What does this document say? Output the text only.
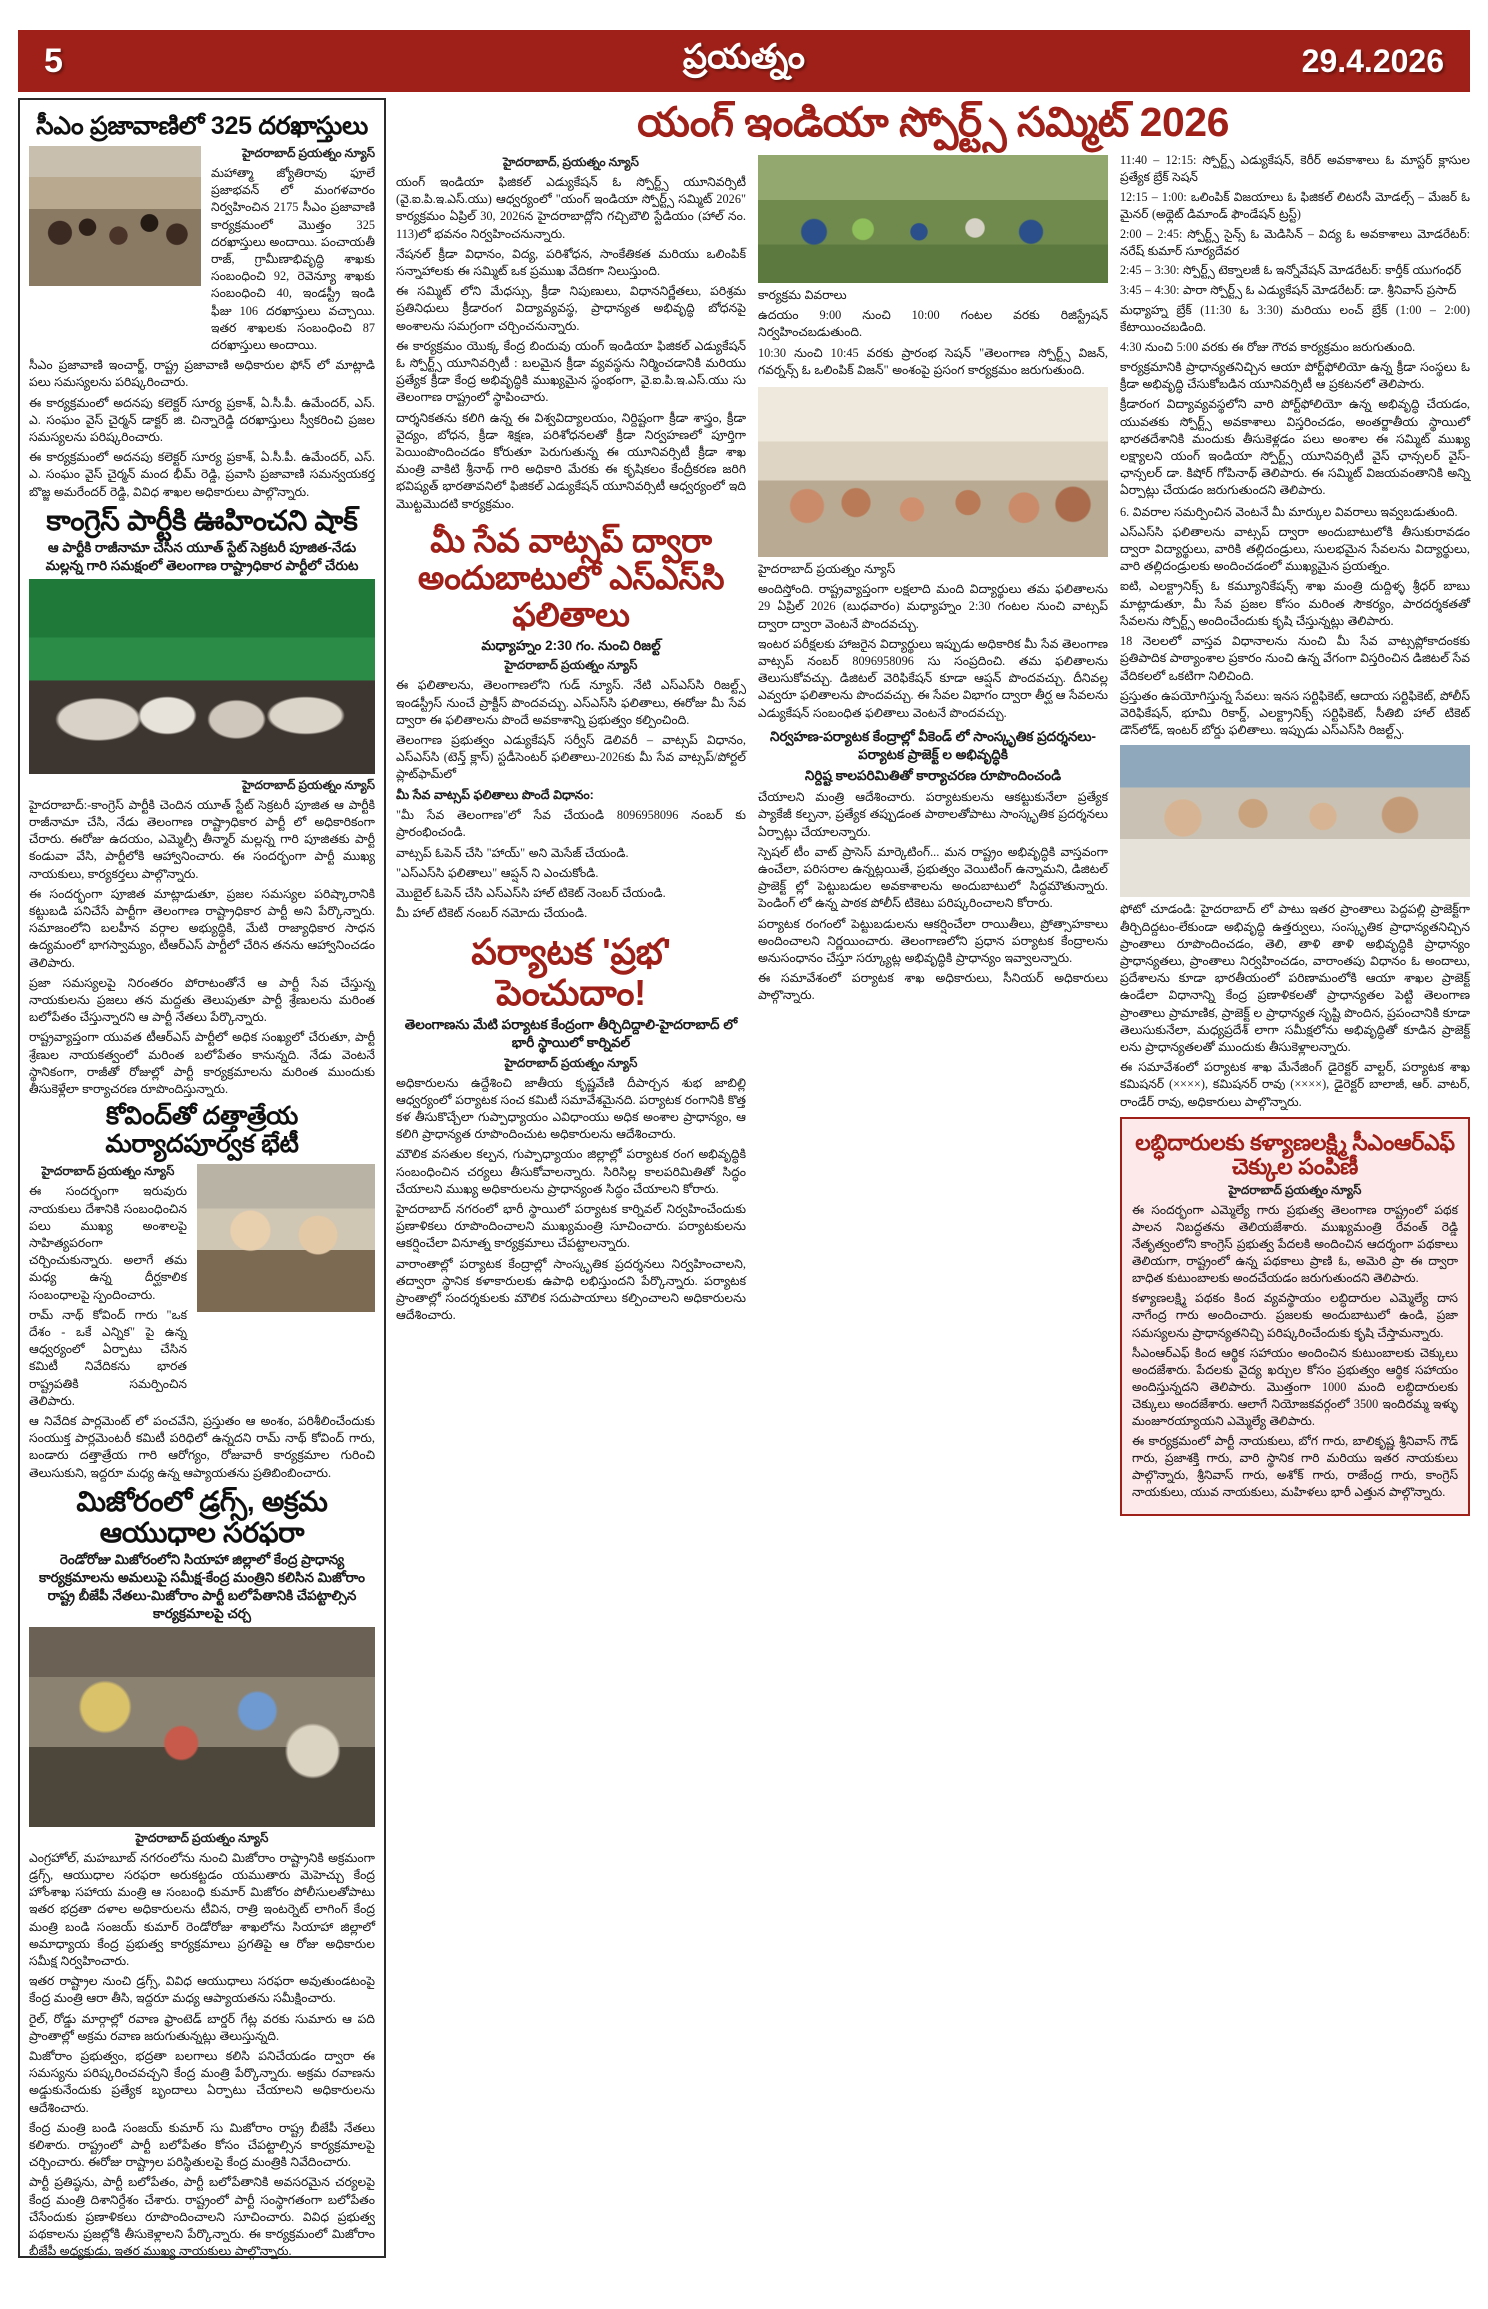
5	ప్రయత్నం	29.4.2026
సీఎం ప్రజావాణిలో 325 దరఖాస్తులు
హైదరాబాద్ ప్రయత్నం న్యూస్

మహాత్మా జ్యోతిరావు ఫూలే ప్రజాభవన్ లో మంగళవారం నిర్వహించిన 2175 సీఎం ప్రజావాణి కార్యక్రమంలో మొత్తం 325 దరఖాస్తులు అందాయి. పంచాయతీ రాజ్, గ్రామీణాభివృద్ధి శాఖకు సంబంధించి 92, రెవెన్యూ శాఖకు సంబంధించి 40, ఇండస్ట్రీ ఇండి ఫీజు 106 దరఖాస్తులు వచ్చాయి. ఇతర శాఖలకు సంబంధించి 87 దరఖాస్తులు అందాయి.

సీఎం ప్రజావాణి ఇంచార్జ్, రాష్ట్ర ప్రజావాణి అధికారుల ఫోన్ లో మాట్లాడి పలు సమస్యలను పరిష్కరించారు.

ఈ కార్యక్రమంలో అదనపు కలెక్టర్ సూర్య ప్రకాశ్, ఏ.సీ.పీ. ఉమేందర్, ఎస్. ఎ. సంఘం వైస్ చైర్మన్ డాక్టర్ జి. చిన్నారెడ్డి దరఖాస్తులు స్వీకరించి ప్రజల సమస్యలను పరిష్కరించారు.

ఈ కార్యక్రమంలో అదనపు కలెక్టర్ సూర్య ప్రకాశ్, ఏ.సీ.పీ. ఉమేందర్, ఎస్. ఎ. సంఘం వైస్ చైర్మన్ మంద భీమ్ రెడ్డి, ప్రవాసి ప్రజావాణి సమన్వయకర్త బొజ్జ అమరేందర్ రెడ్డి, వివిధ శాఖల అధికారులు పాల్గొన్నారు.

కాంగ్రెస్ పార్టీకి ఊహించని షాక్
ఆ పార్టీకి రాజీనామా చేసిన యూత్ స్టేట్ సెక్రటరీ పూజిత-నేడు మల్లన్న గారి సమక్షంలో తెలంగాణ రాష్ట్రాధికార పార్టీలో చేరుట
హైదరాబాద్ ప్రయత్నం న్యూస్

హైదరాబాద్:-కాంగ్రెస్ పార్టీకి చెందిన యూత్ స్టేట్ సెక్రటరీ పూజిత ఆ పార్టీకి రాజీనామా చేసి, నేడు తెలంగాణ రాష్ట్రాధికార పార్టీ లో అధికారికంగా చేరారు. ఈరోజు ఉదయం, ఎమ్మెల్సీ తీన్మార్ మల్లన్న గారి పూజితకు పార్టీ కండువా వేసి, పార్టీలోకి ఆహ్వానించారు. ఈ సందర్భంగా పార్టీ ముఖ్య నాయకులు, కార్యకర్తలు పాల్గొన్నారు.

ఈ సందర్భంగా పూజిత మాట్లాడుతూ, ప్రజల సమస్యల పరిష్కారానికి కట్టుబడి పనిచేసే పార్టీగా తెలంగాణ రాష్ట్రాధికార పార్టీ అని పేర్కొన్నారు. సమాజంలోని బలహీన వర్గాల అభ్యుద్ధికి, మేటి రాజ్యాధికార సాధన ఉద్యమంలో భాగస్వామ్యం, టీఆర్ఎస్ పార్టీలో చేరిన తనను ఆహ్వానించడం తెలిపారు.

ప్రజా సమస్యలపై నిరంతరం పోరాటంతోనే ఆ పార్టీ సేవ చేస్తున్న నాయకులను ప్రజలు తన మద్దతు తెలుపుతూ పార్టీ శ్రేణులను మరింత బలోపేతం చేస్తున్నారని ఆ పార్టీ నేతలు పేర్కొన్నారు.

రాష్ట్రవ్యాప్తంగా యువత టీఆర్ఎస్ పార్టీలో అధిక సంఖ్యలో చేరుతూ, పార్టీ శ్రేణుల నాయకత్వంలో మరింత బలోపేతం కానున్నది. నేడు వెంటనే స్థానికంగా, రాజీతో రోజుల్లో పార్టీ కార్యక్రమాలను మరింత ముందుకు తీసుకెళ్లేలా కార్యాచరణ రూపొందిస్తున్నారు.

కోవింద్‌తో దత్తాత్రేయ మర్యాదపూర్వక భేటీ
హైదరాబాద్ ప్రయత్నం న్యూస్

ఈ సందర్భంగా ఇరువురు నాయకులు దేశానికి సంబంధించిన పలు ముఖ్య అంశాలపై సాహిత్యపరంగా చర్చించుకున్నారు. అలాగే తమ మధ్య ఉన్న దీర్ఘకాలిక సంబంధాలపై స్పందించారు.

రామ్ నాథ్ కోవింద్ గారు "ఒక దేశం - ఒకే ఎన్నిక" పై ఉన్న ఆధ్వర్యంలో ఏర్పాటు చేసిన కమిటీ నివేదికను భారత రాష్ట్రపతికి సమర్పించిన తెలిపారు.

ఆ నివేదిక పార్లమెంట్ లో పంచవేని, ప్రస్తుతం ఆ అంశం, పరిశీలించేందుకు సంయుక్త పార్లమెంటరీ కమిటీ పరిధిలో ఉన్నదని రామ్ నాథ్ కోవింద్ గారు, బండారు దత్తాత్రేయ గారి ఆరోగ్యం, రోజువారీ కార్యక్రమాల గురించి తెలుసుకుని, ఇద్దరూ మధ్య ఉన్న ఆప్యాయతను ప్రతిబింబించారు.

మిజోరంలో డ్రగ్స్, అక్రమ ఆయుధాల సరఫరా
రెండోరోజు మిజోరంలోని సియాహా జిల్లాలో కేంద్ర ప్రాధాన్య కార్యక్రమాలను అమలుపై సమీక్ష-కేంద్ర మంత్రిని కలిసిన మిజోరాం రాష్ట్ర బీజేపీ నేతలు-మిజోరాం పార్టీ బలోపేతానికి చేపట్టాల్సిన కార్యక్రమాలపై చర్చ
హైదరాబాద్ ప్రయత్నం న్యూస్

ఎంగ్రహోల్, మహబూబ్ నగరంలోను నుంచి మిజోరాం రాష్ట్రానికి అక్రమంగా డ్రగ్స్, ఆయుధాల సరఫరా అరుకట్టడం యముతారు మెహెచ్చు కేంద్ర హోంశాఖ సహాయ మంత్రి ఆ సంబంధి కుమార్ మిజోరం పోలీసులతోపాటు ఇతర భద్రతా దళాల అధికారులను టీవిన, రాత్రి ఇంటర్నెట్ లాగింగ్ కేంద్ర మంత్రి బండి సంజయ్ కుమార్ రెండోరోజు శాఖలోను సియాహా జిల్లాలో అమాధ్యాయ కేంద్ర ప్రభుత్వ కార్యక్రమాలు ప్రగతిపై ఆ రోజు అధికారుల సమీక్ష నిర్వహించారు.

ఇతర రాష్ట్రాల నుంచి డ్రగ్స్, వివిధ ఆయుధాలు సరఫరా అవుతుండటంపై కేంద్ర మంత్రి ఆరా తీసి, ఇద్దరూ మధ్య ఆప్యాయతను సమీక్షించారు.

రైల్, రోడ్డు మార్గాల్లో రవాణ ఫ్రాంటెడ్ బార్డర్ గేట్ల వరకు సుమారు ఆ పది ప్రాంతాల్లో అక్రమ రవాణ జరుగుతున్నట్లు తెలుస్తున్నది.

మిజోరాం ప్రభుత్వం, భద్రతా బలగాలు కలిసి పనిచేయడం ద్వారా ఈ సమస్యను పరిష్కరించవచ్చని కేంద్ర మంత్రి పేర్కొన్నారు. అక్రమ రవాణను అడ్డుకునేందుకు ప్రత్యేక బృందాలు ఏర్పాటు చేయాలని అధికారులను ఆదేశించారు.

కేంద్ర మంత్రి బండి సంజయ్ కుమార్ సు మిజోరాం రాష్ట్ర బీజేపీ నేతలు కలిశారు. రాష్ట్రంలో పార్టీ బలోపేతం కోసం చేపట్టాల్సిన కార్యక్రమాలపై చర్చించారు. ఈరోజు రాష్ట్రాల పరిస్థితులపై కేంద్ర మంత్రికి నివేదించారు.

పార్టీ ప్రతిష్ఠను, పార్టీ బలోపేతం, పార్టీ బలోపేతానికి అవసరమైన చర్యలపై కేంద్ర మంత్రి దిశానిర్దేశం చేశారు. రాష్ట్రంలో పార్టీ సంస్థాగతంగా బలోపేతం చేసేందుకు ప్రణాళికలు రూపొందించాలని సూచించారు. వివిధ ప్రభుత్వ పథకాలను ప్రజల్లోకి తీసుకెళ్లాలని పేర్కొన్నారు. ఈ కార్యక్రమంలో మిజోరాం బీజేపీ అధ్యక్షుడు, ఇతర ముఖ్య నాయకులు పాల్గొన్నారు.

యంగ్ ఇండియా స్పోర్ట్స్ సమ్మిట్ 2026
హైదరాబాద్, ప్రయత్నం న్యూస్

యంగ్ ఇండియా ఫిజికల్ ఎడ్యుకేషన్ ఓ స్పోర్ట్స్ యూనివర్సిటీ (వై.ఐ.పి.ఇ.ఎస్.యు) ఆధ్వర్యంలో "యంగ్ ఇండియా స్పోర్ట్స్ సమ్మిట్ 2026" కార్యక్రమం ఏప్రిల్ 30, 2026న హైదరాబాద్లోని గచ్చిబౌలి స్టేడియం (హాల్ నం. 113)లో భవనం నిర్వహించనున్నారు.

నేషనల్ క్రీడా విధానం, విద్య, పరిశోధన, సాంకేతికత మరియు ఒలింపిక్ సన్నాహాలకు ఈ సమ్మిట్ ఒక ప్రముఖ వేదికగా నిలుస్తుంది.

ఈ సమ్మిట్ లోని మేధస్సు, క్రీడా నిపుణులు, విధాననిర్ణేతలు, పరిశ్రమ ప్రతినిధులు క్రీడారంగ విద్యావ్యవస్థ, ప్రాధాన్యత అభివృద్ధి బోధనపై అంశాలను సమగ్రంగా చర్చించనున్నారు.

ఈ కార్యక్రమం యొక్క కేంద్ర బిందువు యంగ్ ఇండియా ఫిజికల్ ఎడ్యుకేషన్ ఓ స్పోర్ట్స్ యూనివర్సిటీ : బలమైన క్రీడా వ్యవస్థను నిర్మించడానికి మరియు ప్రత్యేక క్రీడా కేంద్ర అభివృద్ధికి ముఖ్యమైన స్థంభంగా, వై.ఐ.పి.ఇ.ఎస్.యు సు తెలంగాణ రాష్ట్రంలో స్థాపించారు.

దార్శనికతను కలిగి ఉన్న ఈ విశ్వవిద్యాలయం, నిర్దిష్టంగా క్రీడా శాస్త్రం, క్రీడా వైద్యం, బోధన, క్రీడా శిక్షణ, పరిశోధనలతో క్రీడా నిర్వహణలో పూర్తిగా పెయింపొందించడం కోరుతూ పెరుగుతున్న ఈ యూనివర్సిటీ క్రీడా శాఖ మంత్రి వాకిటి శ్రీనాథ్ గారి అధికారి మేరకు ఈ కృషికలం కేంద్రీకరణ జరిగి భవిష్యత్ భారతావనిలో ఫిజికల్ ఎడ్యుకేషన్ యూనివర్సిటీ ఆధ్వర్యంలో ఇది మొట్టమొదటి కార్యక్రమం.

మీ సేవ వాట్సప్ ద్వారా అందుబాటులో ఎస్‌ఎస్‌సి ఫలితాలు
మధ్యాహ్నం 2:30 గం. నుంచి రిజల్ట్
హైదరాబాద్ ప్రయత్నం న్యూస్

ఈ ఫలితాలను, తెలంగాణలోని గుడ్ న్యూస్. నేటి ఎస్‌ఎస్‌సి రిజల్ట్స్ ఇండస్ట్రీస్ నుంచే ప్రాక్టీస్ పొందవచ్చు. ఎస్‌ఎస్‌సి ఫలితాలు, ఈరోజు మీ సేవ ద్వారా ఈ ఫలితాలను పొందే అవకాశాన్ని ప్రభుత్వం కల్పించింది.

తెలంగాణ ప్రభుత్వం ఎడ్యుకేషన్ సర్వీస్ డెలివరీ – వాట్సప్ విధానం, ఎస్‌ఎస్‌సి (టెన్త్ క్లాస్) స్టడీసెంటర్ ఫలితాలు-2026కు మీ సేవ వాట్సప్/పోర్టల్ ప్లాట్‌ఫామ్‌లో

మీ సేవ వాట్సప్ ఫలితాలు పొందే విధానం:

"మీ సేవ తెలంగాణ"లో సేవ చేయండి 8096958096 నంబర్ కు ప్రారంభించండి.

వాట్సప్ ఓపెన్ చేసి "హాయ్" అని మెసేజ్ చేయండి.

"ఎస్‌ఎస్‌సి ఫలితాలు" ఆప్షన్ ని ఎంచుకోండి.

మొబైల్ ఓపెన్ చేసి ఎస్‌ఎస్‌సి హాల్ టికెట్ నెంబర్ చేయండి.

మీ హాల్ టికెట్ నంబర్ నమోదు చేయండి.

పర్యాటక 'ప్రభ' పెంచుదాం!
తెలంగాణను మేటి పర్యాటక కేంద్రంగా తీర్చిదిద్దాలి-హైదరాబాద్ లో భారీ స్థాయిలో కార్నివల్
హైదరాబాద్ ప్రయత్నం న్యూస్

అధికారులను ఉద్దేశించి జాతీయ కృష్ణవేణి దీపార్చన శుభ జాబిల్లి ఆధ్వర్యంలో పర్యాటక సంచ కమిటీ సమావేశమైనది. పర్యాటక రంగానికి కొత్త కళ తీసుకొచ్చేలా గుప్పాధ్యాయం ఎవిధాంయు అధిక అంశాల ప్రాధాన్యం, ఆ కలిగి ప్రాధాన్యత రూపొందించుట అధికారులను ఆదేశించారు.

మౌలిక వసతుల కల్పన, గుప్పాధ్యాయం జిల్లాల్లో పర్యాటక రంగ అభివృద్ధికి సంబంధించిన చర్యలు తీసుకోవాలన్నారు. సిరిసిల్ల కాలపరిమితితో సిద్ధం చేయాలని ముఖ్య అధికారులను ప్రాధాన్యంత సిద్ధం చేయాలని కోరారు.

హైదరాబాద్ నగరంలో భారీ స్థాయిలో పర్యాటక కార్నివల్ నిర్వహించేందుకు ప్రణాళికలు రూపొందించాలని ముఖ్యమంత్రి సూచించారు. పర్యాటకులను ఆకర్షించేలా వినూత్న కార్యక్రమాలు చేపట్టాలన్నారు.

వారాంతాల్లో పర్యాటక కేంద్రాల్లో సాంస్కృతిక ప్రదర్శనలు నిర్వహించాలని, తద్వారా స్థానిక కళాకారులకు ఉపాధి లభిస్తుందని పేర్కొన్నారు. పర్యాటక ప్రాంతాల్లో సందర్శకులకు మౌలిక సదుపాయాలు కల్పించాలని అధికారులను ఆదేశించారు.

కార్యక్రమ వివరాలు

ఉదయం 9:00 నుంచి 10:00 గంటల వరకు రిజిస్ట్రేషన్ నిర్వహించబడుతుంది.

10:30 నుంచి 10:45 వరకు ప్రారంభ సెషన్ "తెలంగాణ స్పోర్ట్స్ విజన్, గవర్నన్స్ ఓ ఒలింపిక్ విజన్" అంశంపై ప్రసంగ కార్యక్రమం జరుగుతుంది.

హైదరాబాద్ ప్రయత్నం న్యూస్

అందిస్తోంది. రాష్ట్రవ్యాప్తంగా లక్షలాది మంది విద్యార్థులు తమ ఫలితాలను 29 ఏప్రిల్ 2026 (బుధవారం) మధ్యాహ్నం 2:30 గంటల నుంచి వాట్సప్ ద్వారా ద్వారా వెంటనే పొందవచ్చు.

ఇంటర పరీక్షలకు హాజరైన విద్యార్థులు ఇప్పుడు అధికారిక మీ సేవ తెలంగాణ వాట్సప్ నంబర్ 8096958096 సు సంప్రదించి. తమ ఫలితాలను తెలుసుకోవచ్చు. డిజిటల్ వెరిఫికేషన్ కూడా ఆప్షన్ పొందవచ్చు. దీనివల్ల ఎవ్వరూ ఫలితాలను పొందవచ్చు. ఈ సేవల విభాగం ద్వారా తీర్ఘ ఆ సేవలను ఎడ్యుకేషన్ సంబంధిత ఫలితాలు వెంటనే పొందవచ్చు.

నిర్వహణ-పర్యాటక కేంద్రాల్లో వీకెండ్ లో సాంస్కృతిక ప్రదర్శనలు-పర్యాటక ప్రాజెక్ట్ ల అభివృద్ధికి
నిర్దిష్ట కాలపరిమితితో కార్యాచరణ రూపొందించండి

చేయాలని మంత్రి ఆదేశించారు. పర్యాటకులను ఆకట్టుకునేలా ప్రత్యేక ప్యాకేజీ కల్పనా, ప్రత్యేక తప్పుడంత పాఠాలతోపాటు సాంస్కృతిక ప్రదర్శనలు ఏర్పాట్లు చేయాలన్నారు.

స్పెషల్ టీం వాట్ ప్రాసెస్ మార్కెటింగ్... మన రాష్ట్రం అభివృద్ధికి వాస్తవంగా ఉంచేలా, పరిసరాల ఉన్నట్లయితే, ప్రభుత్వం వెయిటింగ్ ఉన్నామని, డిజిటల్ ప్రాజెక్ట్ ల్లో పెట్టుబడుల అవకాశాలను అందుబాటులో సిద్ధమౌతున్నారు. పెండింగ్ లో ఉన్న పాఠక పోలీస్ టికెటు పరిష్కరించాలని కోరారు.

పర్యాటక రంగంలో పెట్టుబడులను ఆకర్షించేలా రాయితీలు, ప్రోత్సాహకాలు అందించాలని నిర్ణయించారు. తెలంగాణలోని ప్రధాన పర్యాటక కేంద్రాలను అనుసంధానం చేస్తూ సర్క్యూట్ల అభివృద్ధికి ప్రాధాన్యం ఇవ్వాలన్నారు.

ఈ సమావేశంలో పర్యాటక శాఖ అధికారులు, సీనియర్ అధికారులు పాల్గొన్నారు.

11:40 – 12:15: స్పోర్ట్స్ ఎడ్యుకేషన్, కెరీర్ అవకాశాలు ఓ మాస్టర్ క్లాసుల ప్రత్యేక బ్రేక్ సెషన్

12:15 – 1:00: ఒలింపిక్ విజయాలు ఓ ఫిజికల్ లిటరసీ మోడల్స్ – మేజర్ ఓ మైనర్ (అథ్లెట్ డిమాండ్ ఫౌండేషన్ ట్రస్ట్)

2:00 – 2:45: స్పోర్ట్స్ సైన్స్ ఓ మెడిసిన్ – విద్య ఓ అవకాశాలు మోడరేటర్: నరేష్ కుమార్ సూర్యదేవర

2:45 – 3:30: స్పోర్ట్స్ టెక్నాలజీ ఓ ఇన్నోవేషన్ మోడరేటర్: కార్తీక్ యుగంధర్

3:45 – 4:30: పారా స్పోర్ట్స్ ఓ ఎడ్యుకేషన్ మోడరేటర్: డా. శ్రీనివాస్ ప్రసాద్

మధ్యాహ్న బ్రేక్ (11:30 ఓ 3:30) మరియు లంచ్ బ్రేక్ (1:00 – 2:00) కేటాయించబడింది.

4:30 నుంచి 5:00 వరకు ఈ రోజు గౌరవ కార్యక్రమం జరుగుతుంది.

కార్యక్రమానికి ప్రాధాన్యతనిచ్చిన ఆయా పోర్ట్‌ఫోలియో ఉన్న క్రీడా సంస్థలు ఓ క్రీడా అభివృద్ధి చేసుకోబడిన యూనివర్సిటీ ఆ ప్రకటనలో తెలిపారు.

క్రీడారంగ విద్యావ్యవస్థలోని వారి పోర్ట్‌ఫోలియో ఉన్న అభివృద్ధి చేయడం, యువతకు స్పోర్ట్స్ అవకాశాలు విస్తరించడం, అంతర్జాతీయ స్థాయిలో భారతదేశానికి మందుకు తీసుకెళ్లడం పలు అంశాల ఈ సమ్మిట్ ముఖ్య లక్ష్యాలని యంగ్ ఇండియా స్పోర్ట్స్ యూనివర్సిటీ వైస్ ఛాన్సలర్ వైస్-ఛాన్సలర్ డా. కిషోర్ గోపినాథ్ తెలిపారు. ఈ సమ్మిట్ విజయవంతానికి అన్ని ఏర్పాట్లు చేయడం జరుగుతుందని తెలిపారు.

6. వివరాల సమర్పించిన వెంటనే మీ మార్కుల వివరాలు ఇవ్వబడుతుంది.

ఎస్‌ఎస్‌సి ఫలితాలను వాట్సప్ ద్వారా అందుబాటులోకి తీసుకురావడం ద్వారా విద్యార్థులు, వారికి తల్లిదండ్రులు, సులభమైన సేవలను విద్యార్థులు, వారి తల్లిదండ్రులకు అందించడంలో ముఖ్యమైన ప్రయత్నం.

ఐటి, ఎలక్ట్రానిక్స్ ఓ కమ్యూనికేషన్స్ శాఖ మంత్రి దుద్దిళ్ళ శ్రీధర్ బాబు మాట్లాడుతూ, మీ సేవ ప్రజల కోసం మరింత సౌకర్యం, పారదర్శకతతో సేవలను స్పోర్ట్స్ అందించేందుకు కృషి చేస్తున్నట్లు తెలిపారు.

18 నెలలలో వాస్తవ విధానాలను నుంచి మీ సేవ వాట్సప్లోకాదంకకు ప్రతిపాదిక పాఠ్యాంశాల ప్రకారం నుంచి ఉన్న వేగంగా విస్తరించిన డిజిటల్ సేవ వేదికలలో ఒకటిగా నిలిచింది.

ప్రస్తుతం ఉపయోగిస్తున్న సేవలు: ఇనస సర్టిఫికెట్, ఆదాయ సర్టిఫికెట్, పోలీస్ వెరిఫికేషన్, భూమి రికార్డ్, ఎలక్ట్రానిక్స్ సర్టిఫికెట్, సీతిబి హాల్ టికెట్ డౌన్‌లోడ్, ఇంటర్ బోర్డు ఫలితాలు. ఇప్పుడు ఎస్‌ఎస్‌సి రిజల్ట్స్.

ఫోటో చూడండి: హైదరాబాద్ లో పాటు ఇతర ప్రాంతాలు పెద్దపల్లి ప్రాజెక్ట్‌గా తీర్చిదిద్దటం-లేకుండా అభివృద్ధి ఉత్తర్వులు, సంస్కృతిక ప్రాధాన్యతనిచ్చిన ప్రాంతాలు రూపొందించడం, తెలి, తాళి తాళి అభివృద్ధికి ప్రాధాన్యం ప్రాధాన్యతలు, ప్రాంతాలు నిర్వహించడం, వారాంతపు విధానం ఓ అందాలు, ప్రదేశాలను కూడా భారతీయంలో పరిణామంలోకి ఆయా శాఖల ప్రాజెక్ట్ ఉండేలా విధానాన్ని కేంద్ర ప్రణాళికలతో ప్రాధాన్యతల పెట్టి తెలంగాణ ప్రాంతాలు ప్రామాణిక, ప్రాజెక్ట్ ల ప్రాధాన్యత సృష్టి పొందిన, ప్రపంచానికి కూడా తెలుసుకునేలా, మధ్యప్రదేశ్ లాగా సమీక్షలోను అభివృద్ధితో కూడిన ప్రాజెక్ట్ లను ప్రాధాన్యతలతో ముందుకు తీసుకెళ్లాలన్నారు.

ఈ సమావేశంలో పర్యాటక శాఖ మేనేజింగ్ డైరెక్టర్ వాల్టర్, పర్యాటక శాఖ కమిషనర్ (××××), కమిషనర్ రావు (××××), డైరెక్టర్ బాలాజీ, ఆర్. వాటర్, రాండేర్ రావు, అధికారులు పాల్గొన్నారు.

లబ్ధిదారులకు కళ్యాణలక్ష్మి సీఎంఆర్ఎఫ్ చెక్కుల పంపిణీ
హైదరాబాద్ ప్రయత్నం న్యూస్

ఈ సందర్భంగా ఎమ్మెల్యే గారు ప్రభుత్వ తెలంగాణ రాష్ట్రంలో పథక పాలన నిబద్ధతను తెలియజేశారు. ముఖ్యమంత్రి రేవంత్ రెడ్డి నేతృత్వంలోని కాంగ్రెస్ ప్రభుత్వ పేదలకి అందించిన ఆదర్శంగా పథకాలు తెలియగా, రాష్ట్రంలో ఉన్న పథకాలు ప్రాణి ఓ, అమెరి ప్రా ఈ ద్వారా బాధిత కుటుంబాలకు అందచేయడం జరుగుతుందని తెలిపారు.

కళ్యాణలక్ష్మి పథకం కింద వ్యవస్థాయం లబ్ధిదారుల ఎమ్మెల్యే దాస నాగేంద్ర గారు అందించారు. ప్రజలకు అందుబాటులో ఉండి, ప్రజా సమస్యలను ప్రాధాన్యతనిచ్చి పరిష్కరించేందుకు కృషి చేస్తామన్నారు.

సీఎంఆర్ఎఫ్ కింద ఆర్థిక సహాయం అందించిన కుటుంబాలకు చెక్కులు అందజేశారు. పేదలకు వైద్య ఖర్చుల కోసం ప్రభుత్వం ఆర్థిక సహాయం అందిస్తున్నదని తెలిపారు. మొత్తంగా 1000 మంది లబ్ధిదారులకు చెక్కులు అందజేశారు. ఆలాగే నియోజకవర్గంలో 3500 ఇందిరమ్మ ఇళ్ళు మంజూరయ్యాయని ఎమ్మెల్యే తెలిపారు.

ఈ కార్యక్రమంలో పార్టీ నాయకులు, బోగ గారు, బాలికృష్ణ శ్రీనివాస్ గౌడ్ గారు, ప్రజాశక్తి గారు, వారి స్థానిక గారి మరియు ఇతర నాయకులు పాల్గొన్నారు, శ్రీనివాస్ గారు, అశోక్ గారు, రాజేంద్ర గారు, కాంగ్రెస్ నాయకులు, యువ నాయకులు, మహిళలు భారీ ఎత్తున పాల్గొన్నారు.
